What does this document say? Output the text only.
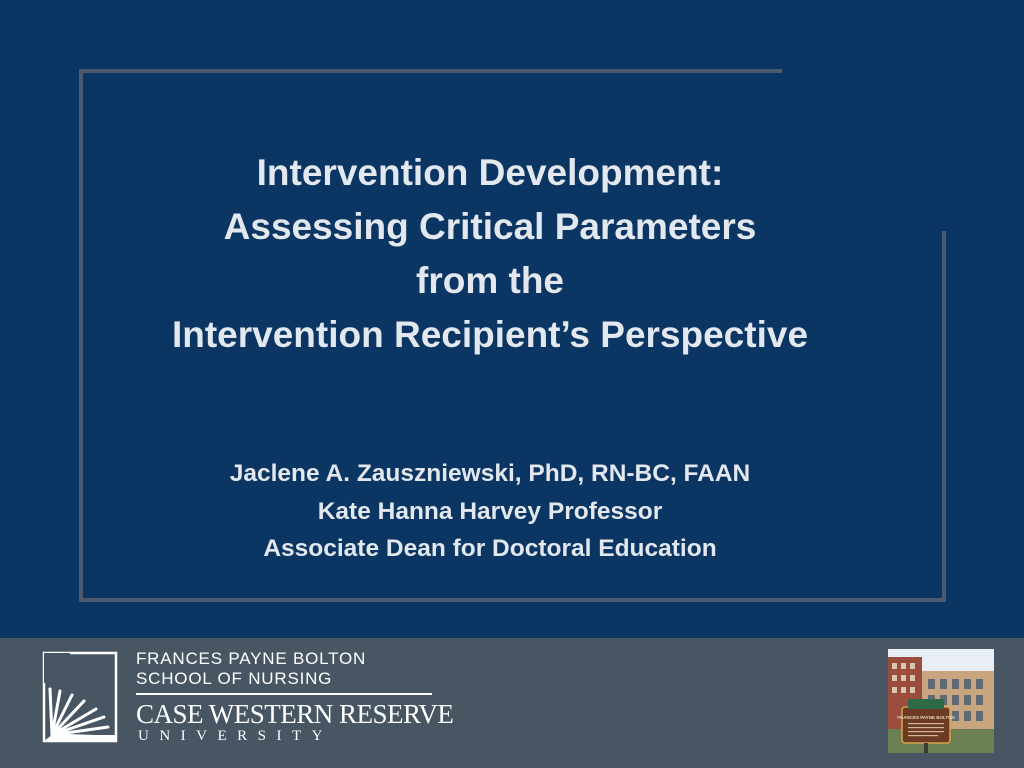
Intervention Development:
Assessing Critical Parameters
from the
Intervention Recipient’s Perspective
Jaclene A. Zauszniewski, PhD, RN-BC, FAAN
Kate Hanna Harvey Professor
Associate Dean for Doctoral Education
FRANCES PAYNE BOLTON
SCHOOL OF NURSING
CASE WESTERN RESERVE
UNIVERSITY
FRANCES PAYNE BOLTON
